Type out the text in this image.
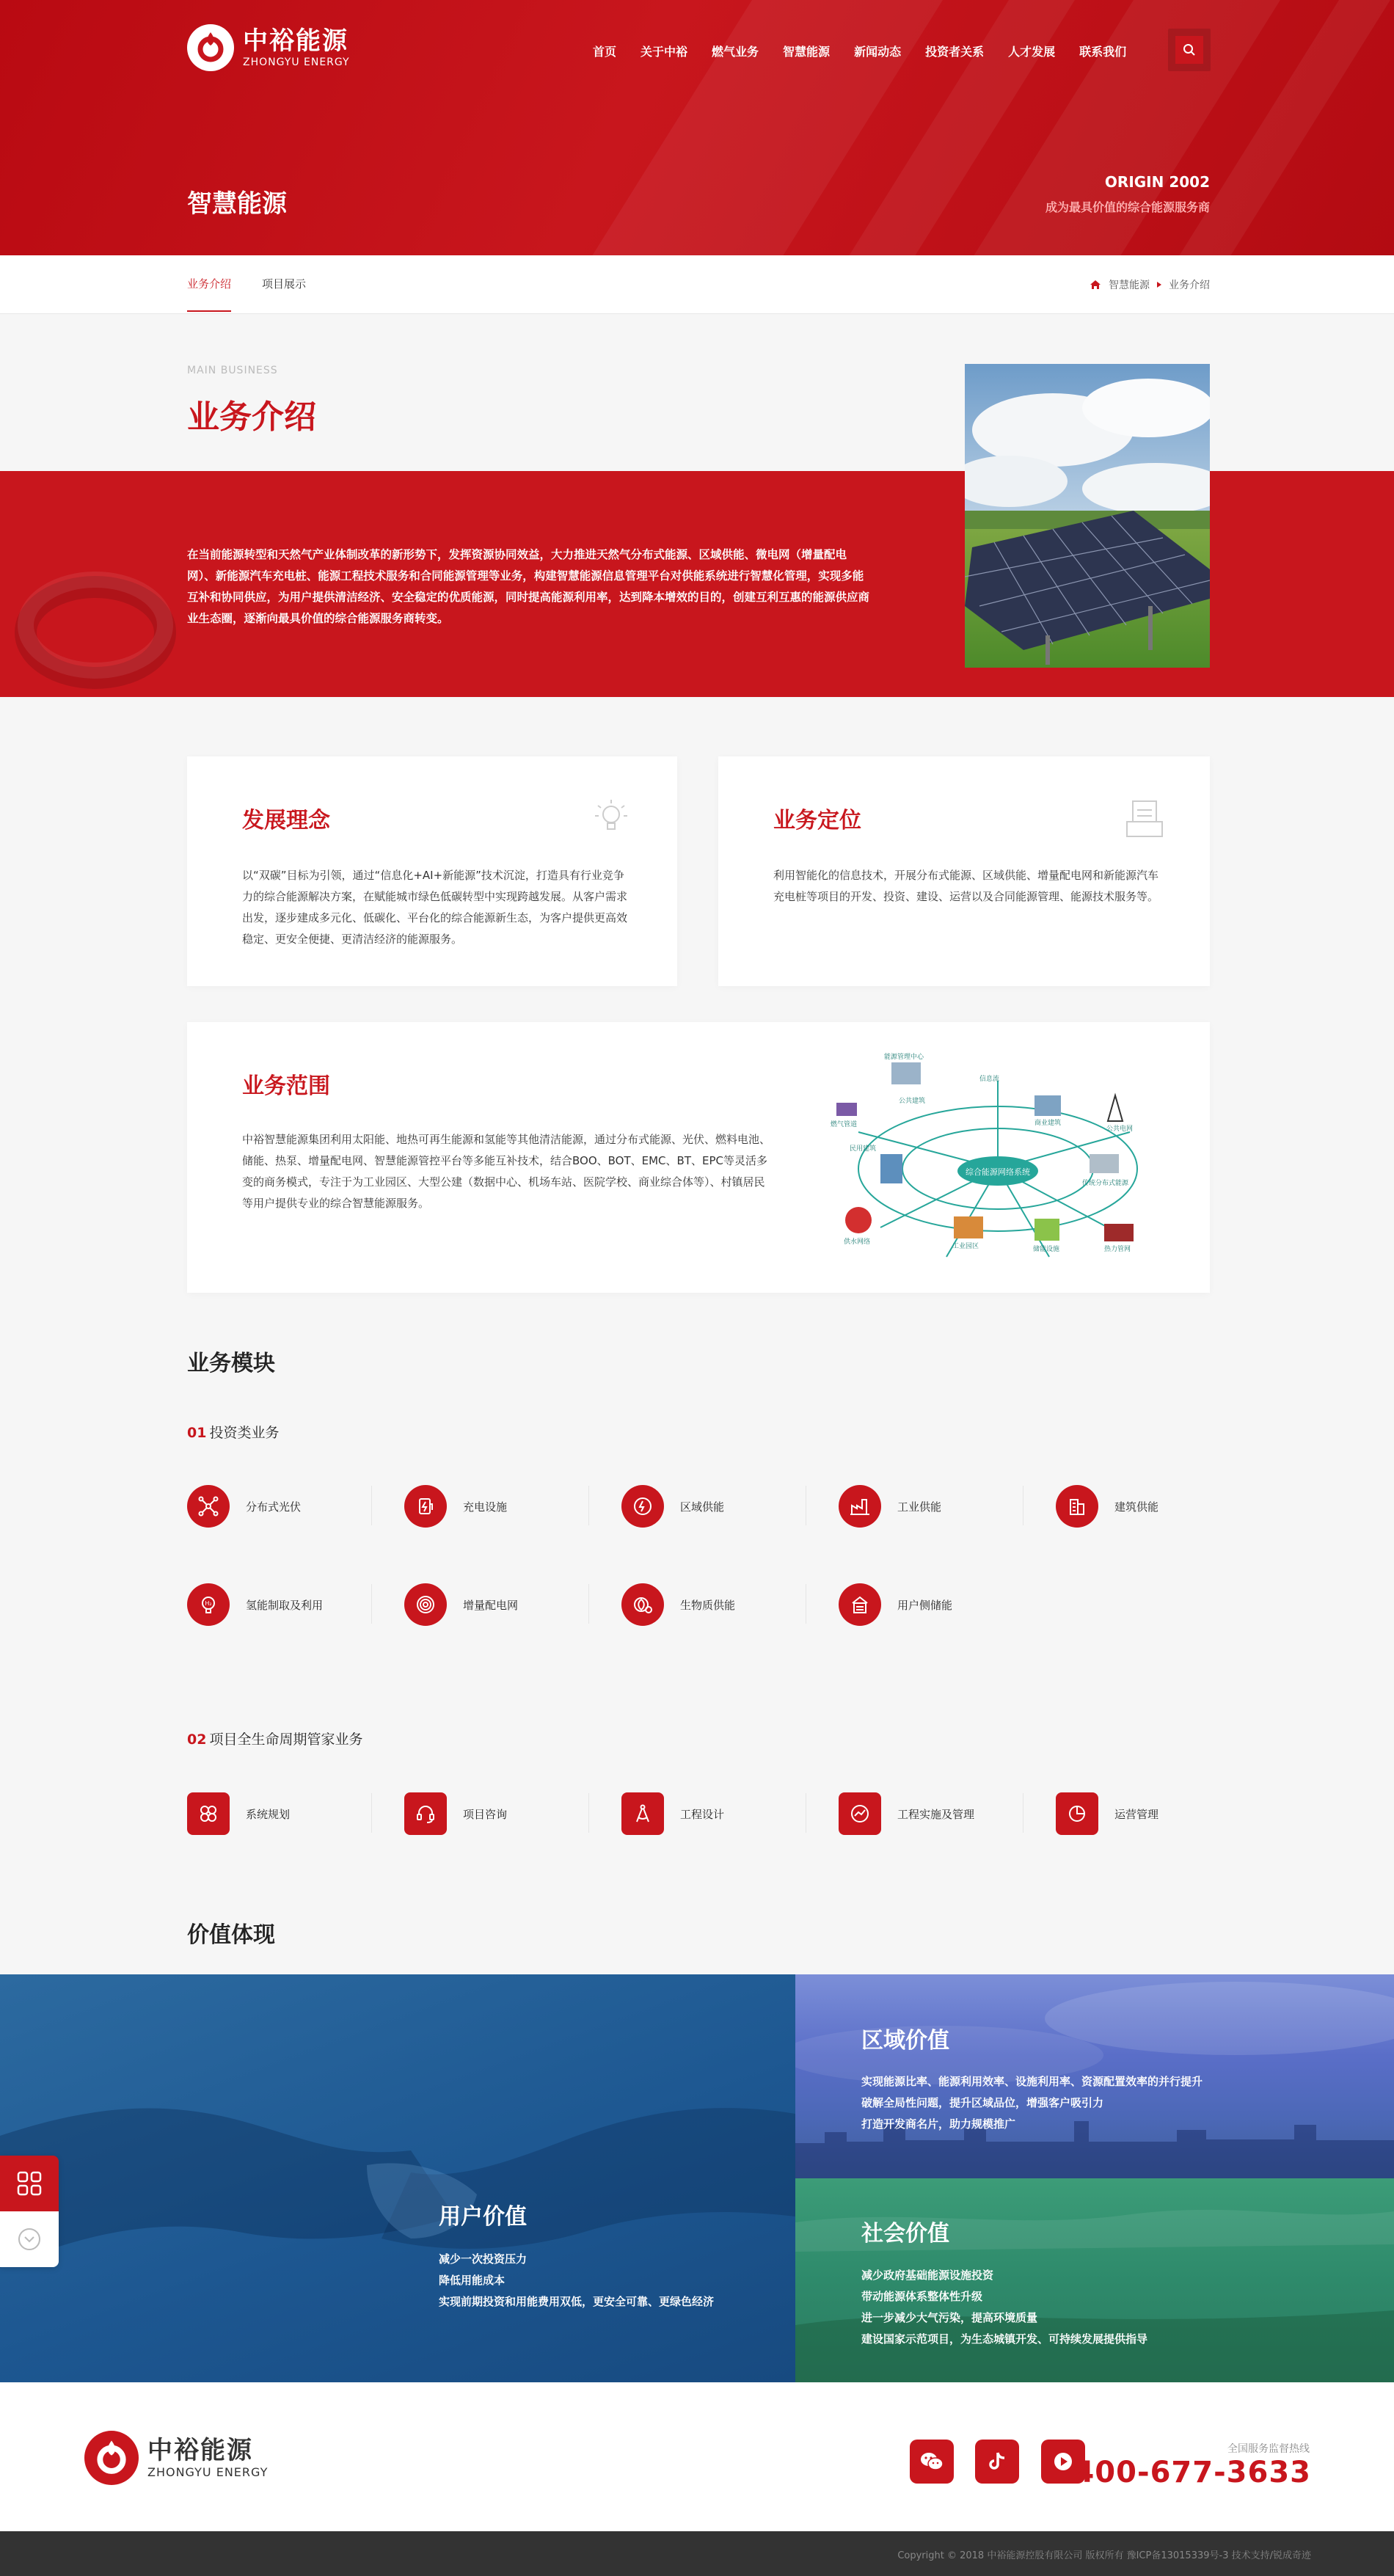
中裕能源
ZHONGYU ENERGY
首页 关于中裕 燃气业务 智慧能源 新闻动态 投资者关系 人才发展 联系我们
智慧能源
ORIGIN 2002
成为最具价值的综合能源服务商
业务介绍	项目展示	智慧能源 业务介绍
MAIN BUSINESS
业务介绍
在当前能源转型和天然气产业体制改革的新形势下，发挥资源协同效益，大力推进天然气分布式能源、区域供能、微电网（增量配电网）、新能源汽车充电桩、能源工程技术服务和合同能源管理等业务，构建智慧能源信息管理平台对供能系统进行智慧化管理，实现多能互补和协同供应，为用户提供清洁经济、安全稳定的优质能源，同时提高能源利用率，达到降本增效的目的，创建互利互惠的能源供应商业生态圈，逐渐向最具价值的综合能源服务商转变。
发展理念

以“双碳”目标为引领，通过“信息化+AI+新能源”技术沉淀，打造具有行业竞争力的综合能源解决方案，在赋能城市绿色低碳转型中实现跨越发展。从客户需求出发，逐步建成多元化、低碳化、平台化的综合能源新生态，为客户提供更高效稳定、更安全便捷、更清洁经济的能源服务。

业务定位

利用智能化的信息技术，开展分布式能源、区域供能、增量配电网和新能源汽车充电桩等项目的开发、投资、建设、运营以及合同能源管理、能源技术服务等。

业务范围

中裕智慧能源集团利用太阳能、地热可再生能源和氢能等其他清洁能源，通过分布式能源、光伏、燃料电池、储能、热泵、增量配电网、智慧能源管控平台等多能互补技术，结合BOO、BOT、EMC、BT、EPC等灵活多变的商务模式，专注于为工业园区、大型公建（数据中心、机场车站、医院学校、商业综合体等）、村镇居民等用户提供专业的综合智慧能源服务。

综合能源网络系统
能源管理中心
信息流
公共建筑
商业建筑
燃气管道
公共电网
民用建筑
传统分布式能源
供水网络
工业园区	储能设施	热力管网
业务模块
01 投资类业务
分布式光伏	充电设施	区域供能	工业供能	建筑供能
H₂	氢能制取及利用	增量配电网	生物质供能	用户侧储能
02 项目全生命周期管家业务
系统规划	项目咨询	工程设计	工程实施及管理	运营管理
价值体现
用户价值
减少一次投资压力
降低用能成本
实现前期投资和用能费用双低，更安全可靠、更绿色经济
区域价值
实现能源比率、能源利用效率、设施利用率、资源配置效率的并行提升
破解全局性问题，提升区域品位，增强客户吸引力
打造开发商名片，助力规模推广
社会价值
减少政府基础能源设施投资
带动能源体系整体性升级
进一步减少大气污染，提高环境质量
建设国家示范项目，为生态城镇开发、可持续发展提供指导
中裕能源
ZHONGYU ENERGY
全国服务监督热线
400-677-3633
Copyright © 2018 中裕能源控股有限公司 版权所有 豫ICP备13015339号-3 技术支持/锐成奇迹
